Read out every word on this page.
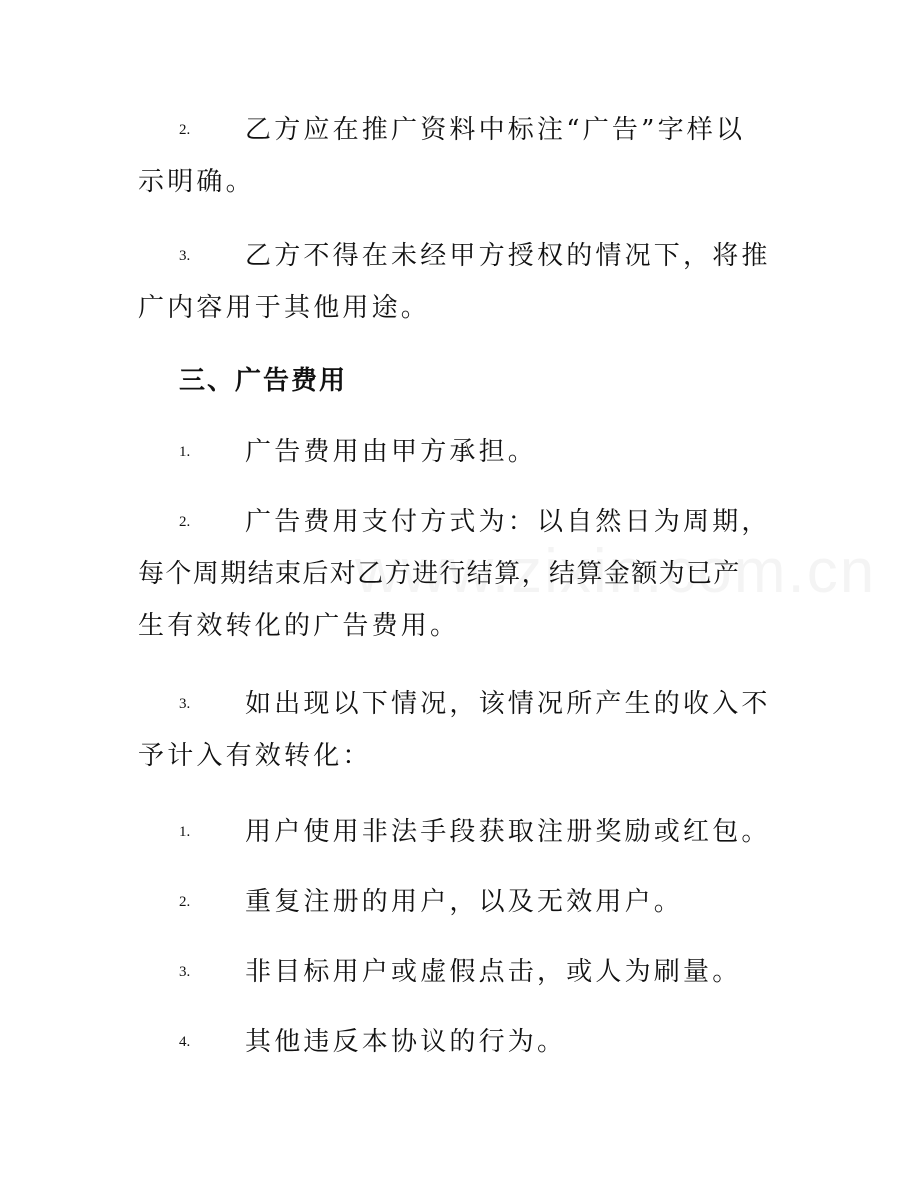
2.	乙方应在推广资料中标注“广告”字样以
示明确。
3.	乙方不得在未经甲方授权的情况下，将推
广内容用于其他用途。
三、广告费用
1.	广告费用由甲方承担。
2.	广告费用支付方式为：以自然日为周期，
每个周期结束后对乙方进行结算，结算金额为已产
生有效转化的广告费用。
3.	如出现以下情况，该情况所产生的收入不
予计入有效转化：
1.	用户使用非法手段获取注册奖励或红包。
2.	重复注册的用户，以及无效用户。
3.	非目标用户或虚假点击，或人为刷量。
4.	其他违反本协议的行为。
